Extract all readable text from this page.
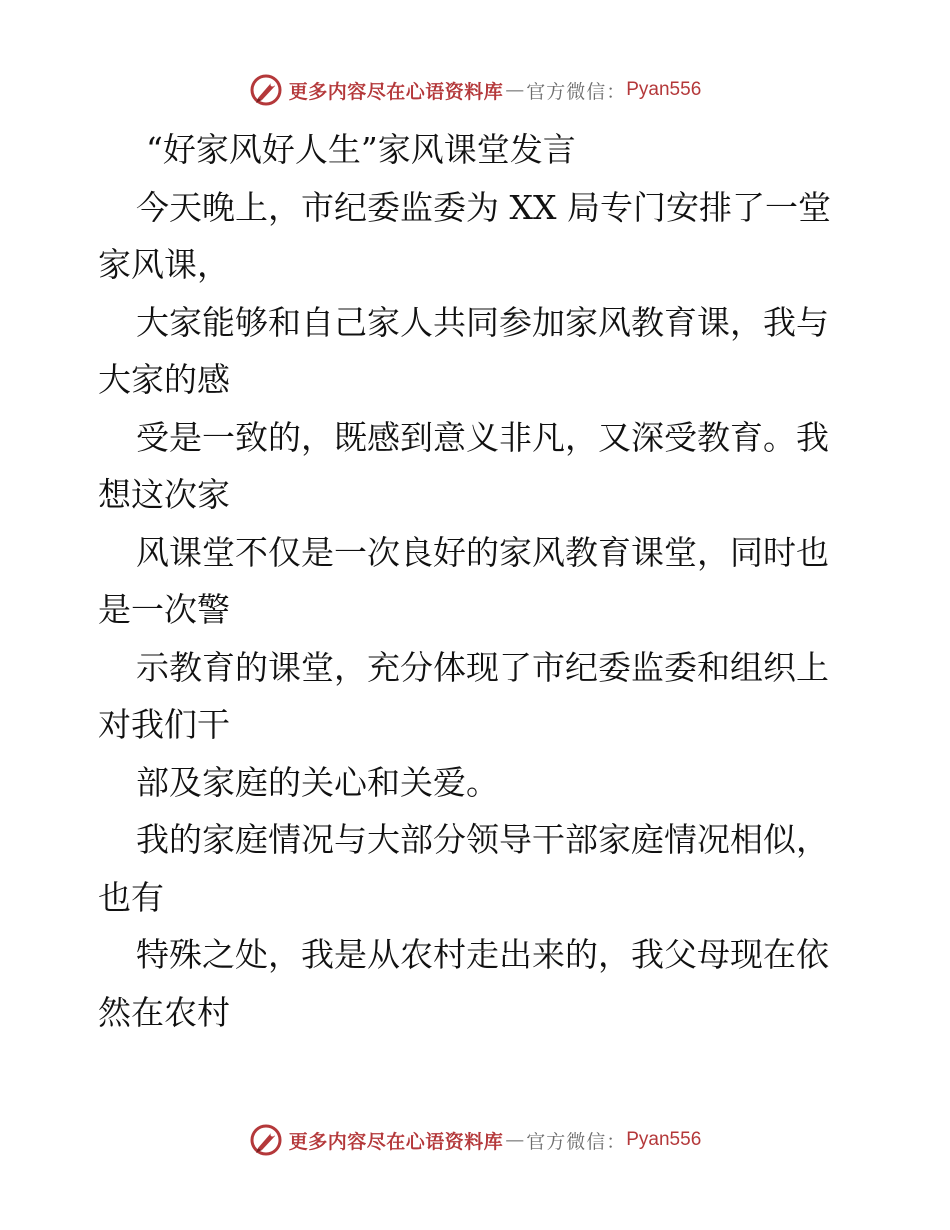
更多内容尽在心语资料库 — 官方微信： Pyan556
“好家风好人生”家风课堂发言

今天晚上，市纪委监委为 XX 局专门安排了一堂

家风课，

大家能够和自己家人共同参加家风教育课，我与

大家的感

受是一致的，既感到意义非凡，又深受教育。我

想这次家

风课堂不仅是一次良好的家风教育课堂，同时也

是一次警

示教育的课堂，充分体现了市纪委监委和组织上

对我们干

部及家庭的关心和关爱。

我的家庭情况与大部分领导干部家庭情况相似，

也有

特殊之处，我是从农村走出来的，我父母现在依

然在农村

更多内容尽在心语资料库 — 官方微信： Pyan556
